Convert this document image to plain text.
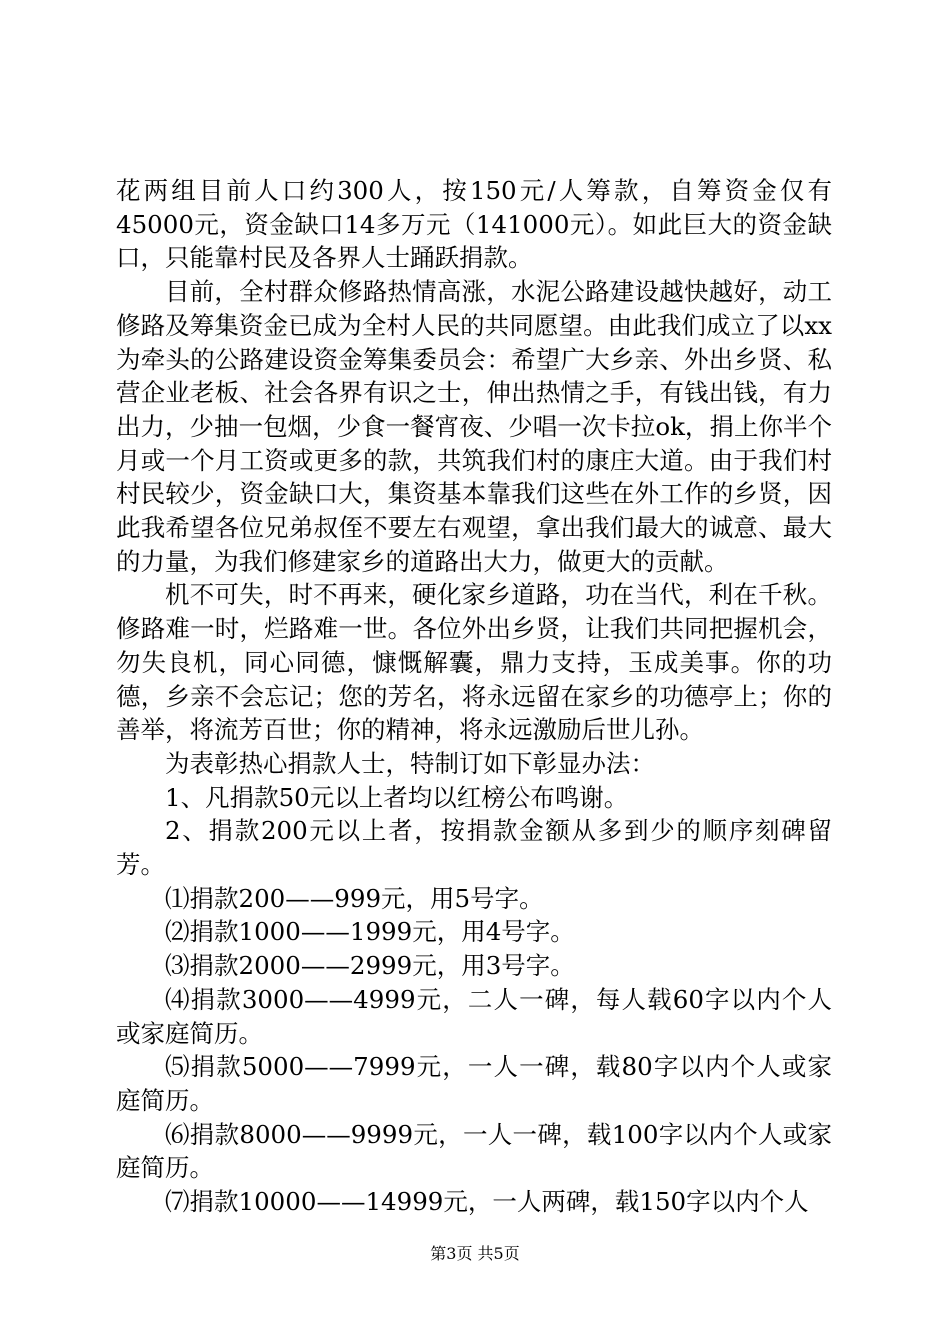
花两组目前人口约300人，按150元/人筹款，自筹资金仅有45000元，资金缺口14多万元（141000元）。如此巨大的资金缺口，只能靠村民及各界人士踊跃捐款。

目前，全村群众修路热情高涨，水泥公路建设越快越好，动工修路及筹集资金已成为全村人民的共同愿望。由此我们成立了以xx为牵头的公路建设资金筹集委员会：希望广大乡亲、外出乡贤、私营企业老板、社会各界有识之士，伸出热情之手，有钱出钱，有力出力，少抽一包烟，少食一餐宵夜、少唱一次卡拉ok，捐上你半个月或一个月工资或更多的款，共筑我们村的康庄大道。由于我们村村民较少，资金缺口大，集资基本靠我们这些在外工作的乡贤，因此我希望各位兄弟叔侄不要左右观望，拿出我们最大的诚意、最大的力量，为我们修建家乡的道路出大力，做更大的贡献。

机不可失，时不再来，硬化家乡道路，功在当代，利在千秋。修路难一时，烂路难一世。各位外出乡贤，让我们共同把握机会，勿失良机，同心同德，慷慨解囊，鼎力支持，玉成美事。你的功德，乡亲不会忘记；您的芳名，将永远留在家乡的功德亭上；你的善举，将流芳百世；你的精神，将永远激励后世儿孙。

为表彰热心捐款人士，特制订如下彰显办法：

1、凡捐款50元以上者均以红榜公布鸣谢。

2、捐款200元以上者，按捐款金额从多到少的顺序刻碑留芳。

⑴捐款200——999元，用5号字。

⑵捐款1000——1999元，用4号字。

⑶捐款2000——2999元，用3号字。

⑷捐款3000——4999元，二人一碑，每人载60字以内个人或家庭简历。

⑸捐款5000——7999元，一人一碑，载80字以内个人或家庭简历。

⑹捐款8000——9999元，一人一碑，载100字以内个人或家庭简历。

⑺捐款10000——14999元，一人两碑，载150字以内个人

第3页 共5页
